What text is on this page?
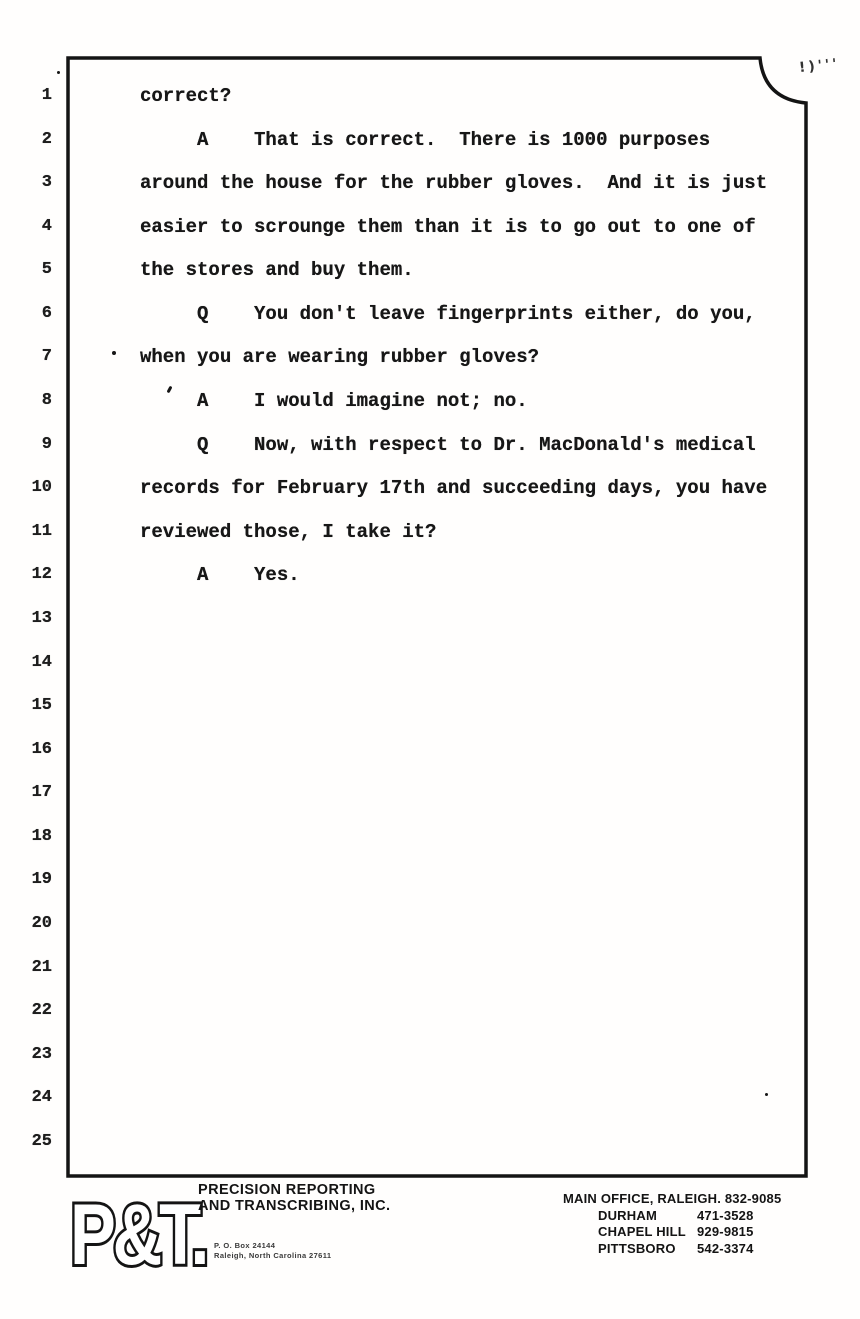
!)'''
1	correct?
2	A    That is correct.  There is 1000 purposes
3	around the house for the rubber gloves.  And it is just
4	easier to scrounge them than it is to go out to one of
5	the stores and buy them.
6	Q    You don't leave fingerprints either, do you,
7	when you are wearing rubber gloves?
8	A    I would imagine not; no.
9	Q    Now, with respect to Dr. MacDonald's medical
10	records for February 17th and succeeding days, you have
11	reviewed those, I take it?
12	A    Yes.
13
14
15
16
17
18
19
20
21
22
23
24
25
P&T.
PRECISION REPORTING
AND TRANSCRIBING, INC.
P. O. Box 24144
Raleigh, North Carolina 27611
MAIN OFFICE, RALEIGH. 832-9085
DURHAM	471-3528
CHAPEL HILL 929-9815
PITTSBORO	542-3374
